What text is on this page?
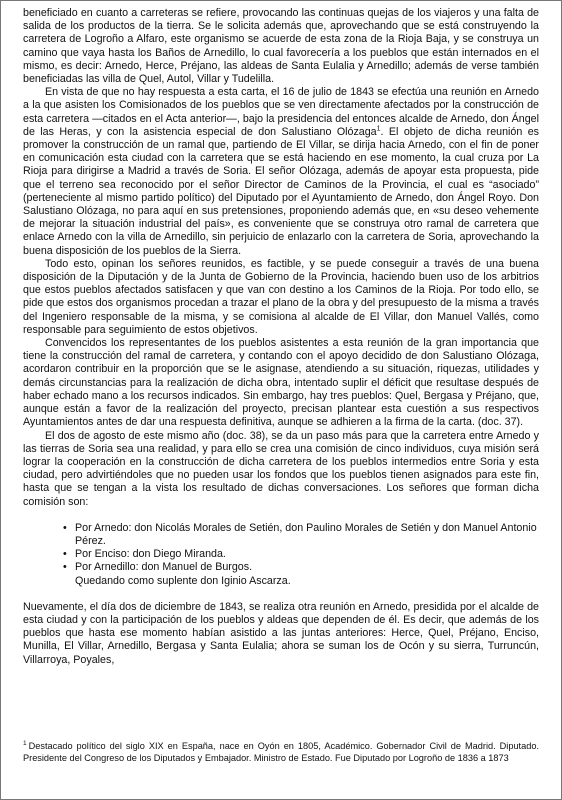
beneficiado en cuanto a carreteras se refiere, provocando las continuas quejas de los viajeros y una falta de salida de los productos de la tierra. Se le solicita además que, aprovechando que se está construyendo la carretera de Logroño a Alfaro, este organismo se acuerde de esta zona de la Rioja Baja, y se construya un camino que vaya hasta los Baños de Arnedillo, lo cual favorecería a los pueblos que están internados en el mismo, es decir: Arnedo, Herce, Préjano, las aldeas de Santa Eulalia y Arnedillo; además de verse también beneficiadas las villa de Quel, Autol, Villar y Tudelilla.

En vista de que no hay respuesta a esta carta, el 16 de julio de 1843 se efectúa una reunión en Arnedo a la que asisten los Comisionados de los pueblos que se ven directamente afectados por la construcción de esta carretera —citados en el Acta anterior—, bajo la presidencia del entonces alcalde de Arnedo, don Ángel de las Heras, y con la asistencia especial de don Salustiano Olózaga$^1$. El objeto de dicha reunión es promover la construcción de un ramal que, partiendo de El Villar, se dirija hacia Arnedo, con el fin de poner en comunicación esta ciudad con la carretera que se está haciendo en ese momento, la cual cruza por La Rioja para dirigirse a Madrid a través de Soria. El señor Olózaga, además de apoyar esta propuesta, pide que el terreno sea reconocido por el señor Director de Caminos de la Provincia, el cual es “asociado” (perteneciente al mismo partido político) del Diputado por el Ayuntamiento de Arnedo, don Ángel Royo. Don Salustiano Olózaga, no para aquí en sus pretensiones, proponiendo además que, en «su deseo vehemente de mejorar la situación industrial del país», es conveniente que se construya otro ramal de carretera que enlace Arnedo con la villa de Arnedillo, sin perjuicio de enlazarlo con la carretera de Soria, aprovechando la buena disposición de los pueblos de la Sierra.

Todo esto, opinan los señores reunidos, es factible, y se puede conseguir a través de una buena disposición de la Diputación y de la Junta de Gobierno de la Provincia, haciendo buen uso de los arbitrios que estos pueblos afectados satisfacen y que van con destino a los Caminos de la Rioja. Por todo ello, se pide que estos dos organismos procedan a trazar el plano de la obra y del presupuesto de la misma a través del Ingeniero responsable de la misma, y se comisiona al alcalde de El Villar, don Manuel Vallés, como responsable para seguimiento de estos objetivos.

Convencidos los representantes de los pueblos asistentes a esta reunión de la gran importancia que tiene la construcción del ramal de carretera, y contando con el apoyo decidido de don Salustiano Olózaga, acordaron contribuir en la proporción que se le asignase, atendiendo a su situación, riquezas, utilidades y demás circunstancias para la realización de dicha obra, intentado suplir el déficit que resultase después de haber echado mano a los recursos indicados. Sin embargo, hay tres pueblos: Quel, Bergasa y Préjano, que, aunque están a favor de la realización del proyecto, precisan plantear esta cuestión a sus respectivos Ayuntamientos antes de dar una respuesta definitiva, aunque se adhieren a la firma de la carta. (doc. 37).

El dos de agosto de este mismo año (doc. 38), se da un paso más para que la carretera entre Arnedo y las tierras de Soria sea una realidad, y para ello se crea una comisión de cinco individuos, cuya misión será lograr la cooperación en la construcción de dicha carretera de los pueblos intermedios entre Soria y esta ciudad, pero advirtiéndoles que no pueden usar los fondos que los pueblos tienen asignados para este fin, hasta que se tengan a la vista los resultado de dichas conversaciones. Los señores que forman dicha comisión son:

• Por Arnedo: don Nicolás Morales de Setién, don Paulino Morales de Setién y don Manuel Antonio Pérez.
• Por Enciso: don Diego Miranda.
• Por Arnedillo: don Manuel de Burgos.
Quedando como suplente don Iginio Ascarza.

Nuevamente, el día dos de diciembre de 1843, se realiza otra reunión en Arnedo, presidida por el alcalde de esta ciudad y con la participación de los pueblos y aldeas que dependen de él. Es decir, que además de los pueblos que hasta ese momento habían asistido a las juntas anteriores: Herce, Quel, Préjano, Enciso, Munilla, El Villar, Arnedillo, Bergasa y Santa Eulalia; ahora se suman los de Ocón y su sierra, Turruncún, Villarroya, Poyales,

$^1$ Destacado político del siglo XIX en España, nace en Oyón en 1805, Académico. Gobernador Civil de Madrid. Diputado. Presidente del Congreso de los Diputados y Embajador. Ministro de Estado. Fue Diputado por Logroño de 1836 a 1873
